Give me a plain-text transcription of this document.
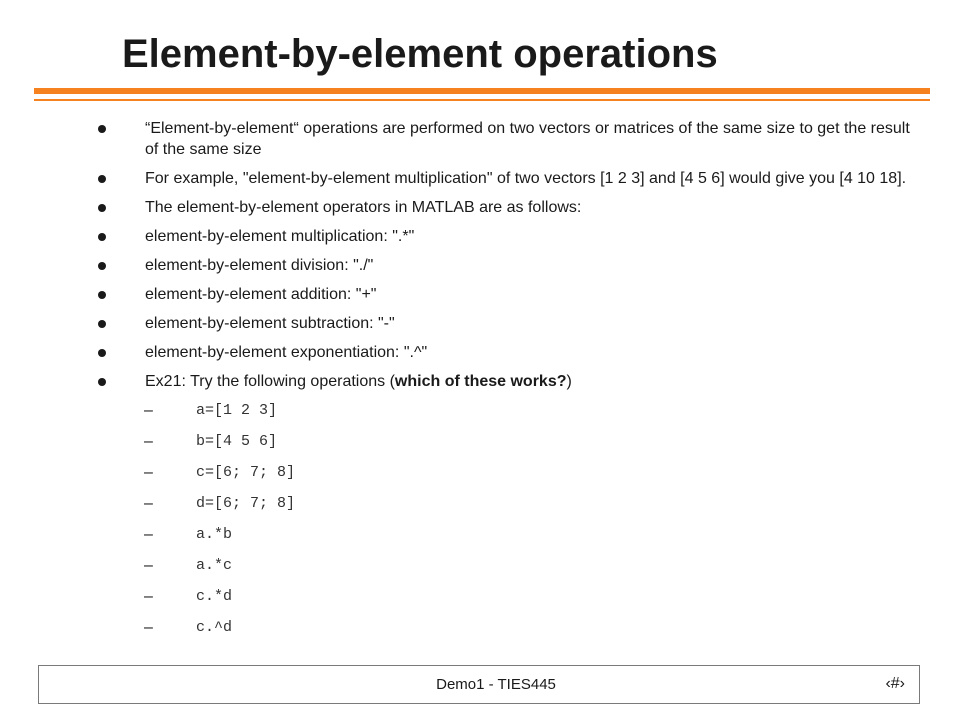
Element-by-element operations
“Element-by-element“ operations are performed on two vectors or matrices of the same size to get the result of the same size
For example, "element-by-element multiplication" of two vectors [1 2 3] and [4 5 6] would give you [4 10 18].
The element-by-element operators in MATLAB are as follows:
element-by-element multiplication: ".*"
element-by-element division: "./"
element-by-element addition: "+"
element-by-element subtraction: "-"
element-by-element exponentiation: ".^"
Ex21: Try the following operations (which of these works?)
–	a=[1 2 3]
–	b=[4 5 6]
–	c=[6; 7; 8]
–	d=[6; 7; 8]
–	a.*b
–	a.*c
–	c.*d
–	c.^d
Demo1 - TIES445	‹#›
